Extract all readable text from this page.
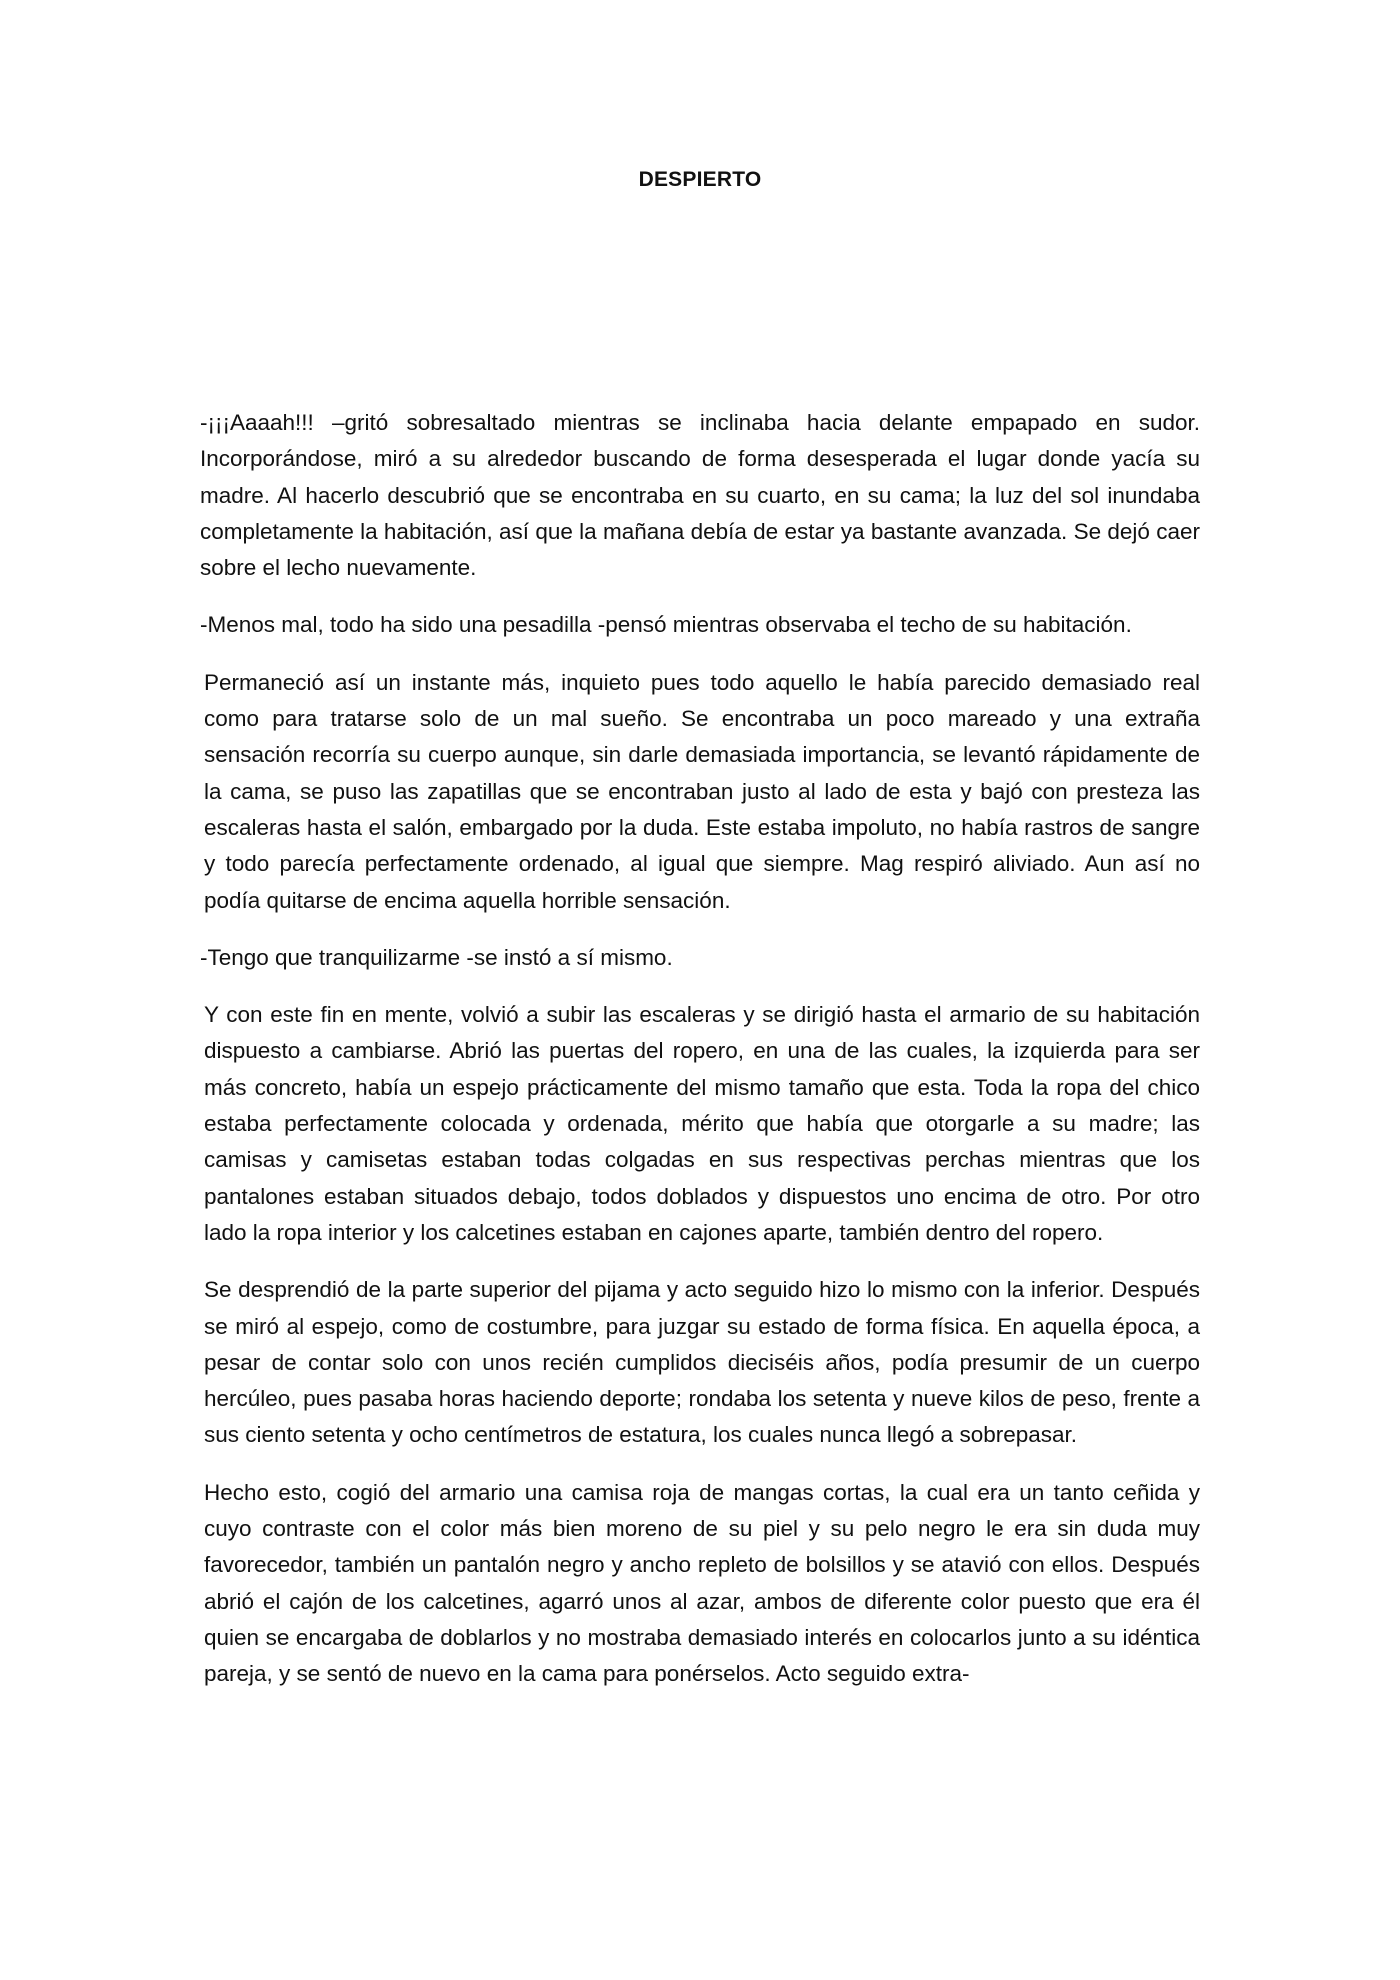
DESPIERTO

-¡¡¡Aaaah!!! –gritó sobresaltado mientras se inclinaba hacia delante empapado en sudor. Incorporándose, miró a su alrededor buscando de forma desesperada el lugar donde yacía su madre. Al hacerlo descubrió que se encontraba en su cuarto, en su cama; la luz del sol inundaba completamente la habitación, así que la mañana debía de estar ya bastante avanzada. Se dejó caer sobre el lecho nuevamente.

-Menos mal, todo ha sido una pesadilla -pensó mientras observaba el techo de su habitación.

Permaneció así un instante más, inquieto pues todo aquello le había parecido demasiado real como para tratarse solo de un mal sueño. Se encontraba un poco mareado y una extraña sensación recorría su cuerpo aunque, sin darle demasiada importancia, se levantó rápidamente de la cama, se puso las zapatillas que se encontraban justo al lado de esta y bajó con presteza las escaleras hasta el salón, embargado por la duda. Este estaba impoluto, no había rastros de sangre y todo parecía perfectamente ordenado, al igual que siempre. Mag respiró aliviado. Aun así no podía quitarse de encima aquella horrible sensación.

-Tengo que tranquilizarme -se instó a sí mismo.

Y con este fin en mente, volvió a subir las escaleras y se dirigió hasta el armario de su habitación dispuesto a cambiarse. Abrió las puertas del ropero, en una de las cuales, la izquierda para ser más concreto, había un espejo prácticamente del mismo tamaño que esta. Toda la ropa del chico estaba perfectamente colocada y ordenada, mérito que había que otorgarle a su madre; las camisas y camisetas estaban todas colgadas en sus respectivas perchas mientras que los pantalones estaban situados debajo, todos doblados y dispuestos uno encima de otro. Por otro lado la ropa interior y los calcetines estaban en cajones aparte, también dentro del ropero.

Se desprendió de la parte superior del pijama y acto seguido hizo lo mismo con la inferior. Después se miró al espejo, como de costumbre, para juzgar su estado de forma física. En aquella época, a pesar de contar solo con unos recién cumplidos dieciséis años, podía presumir de un cuerpo hercúleo, pues pasaba horas haciendo deporte; rondaba los setenta y nueve kilos de peso, frente a sus ciento setenta y ocho centímetros de estatura, los cuales nunca llegó a sobrepasar.

Hecho esto, cogió del armario una camisa roja de mangas cortas, la cual era un tanto ceñida y cuyo contraste con el color más bien moreno de su piel y su pelo negro le era sin duda muy favorecedor, también un pantalón negro y ancho repleto de bolsillos y se atavió con ellos. Después abrió el cajón de los calcetines, agarró unos al azar, ambos de diferente color puesto que era él quien se encargaba de doblarlos y no mostraba demasiado interés en colocarlos junto a su idéntica pareja, y se sentó de nuevo en la cama para ponérselos. Acto seguido extra-
